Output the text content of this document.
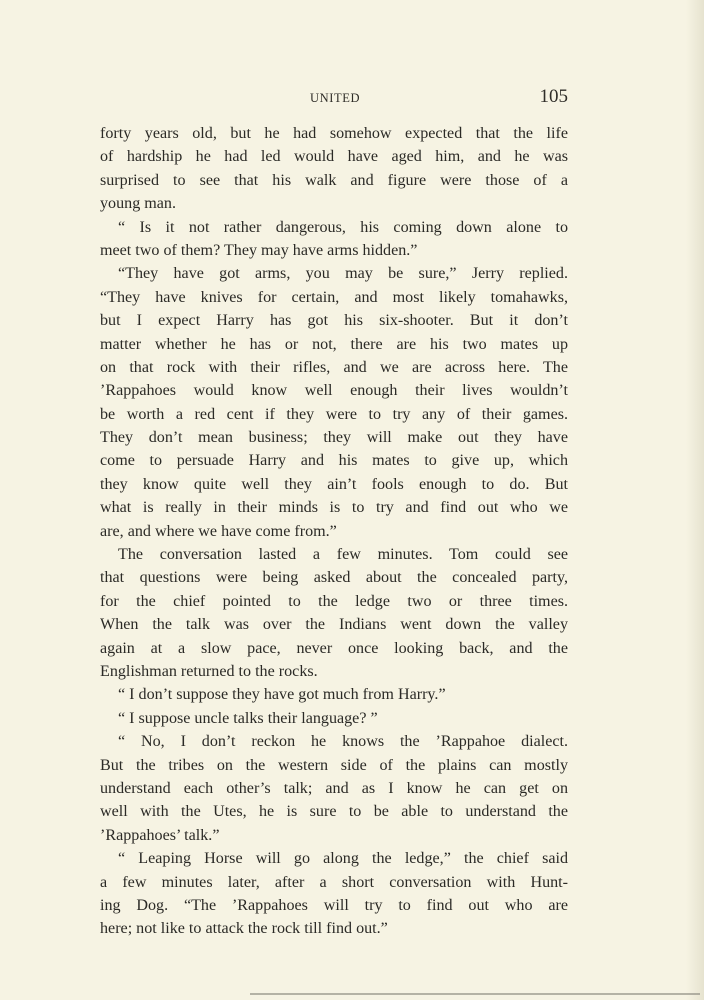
UNITED	105
forty years old, but he had somehow expected that the life
of hardship he had led would have aged him, and he was
surprised to see that his walk and figure were those of a
young man.
“ Is it not rather dangerous, his coming down alone to
meet two of them? They may have arms hidden.”
“They have got arms, you may be sure,” Jerry replied.
“They have knives for certain, and most likely tomahawks,
but I expect Harry has got his six-shooter. But it don’t
matter whether he has or not, there are his two mates up
on that rock with their rifles, and we are across here. The
’Rappahoes would know well enough their lives wouldn’t
be worth a red cent if they were to try any of their games.
They don’t mean business; they will make out they have
come to persuade Harry and his mates to give up, which
they know quite well they ain’t fools enough to do. But
what is really in their minds is to try and find out who we
are, and where we have come from.”
The conversation lasted a few minutes. Tom could see
that questions were being asked about the concealed party,
for the chief pointed to the ledge two or three times.
When the talk was over the Indians went down the valley
again at a slow pace, never once looking back, and the
Englishman returned to the rocks.
“ I don’t suppose they have got much from Harry.”
“ I suppose uncle talks their language? ”
“ No, I don’t reckon he knows the ’Rappahoe dialect.
But the tribes on the western side of the plains can mostly
understand each other’s talk; and as I know he can get on
well with the Utes, he is sure to be able to understand the
’Rappahoes’ talk.”
“ Leaping Horse will go along the ledge,” the chief said
a few minutes later, after a short conversation with Hunt-
ing Dog. “The ’Rappahoes will try to find out who are
here; not like to attack the rock till find out.”
